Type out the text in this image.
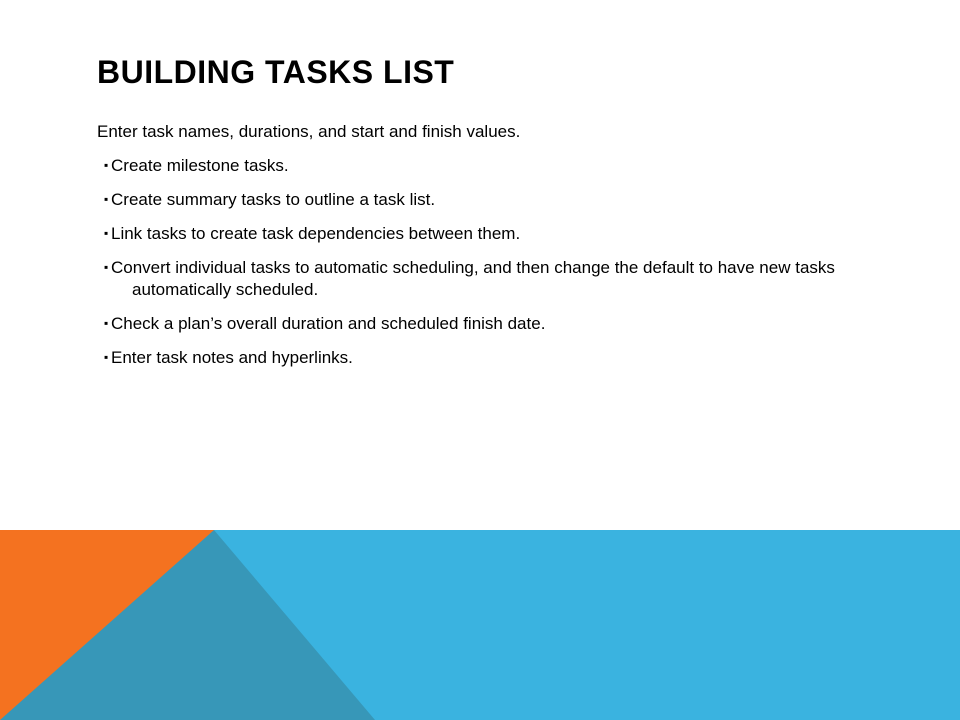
BUILDING TASKS LIST

Enter task names, durations, and start and finish values.

▪ Create milestone tasks.
▪ Create summary tasks to outline a task list.
▪ Link tasks to create task dependencies between them.
▪ Convert individual tasks to automatic scheduling, and then change the default to have new tasks automatically scheduled.
▪ Check a plan’s overall duration and scheduled finish date.
▪ Enter task notes and hyperlinks.
